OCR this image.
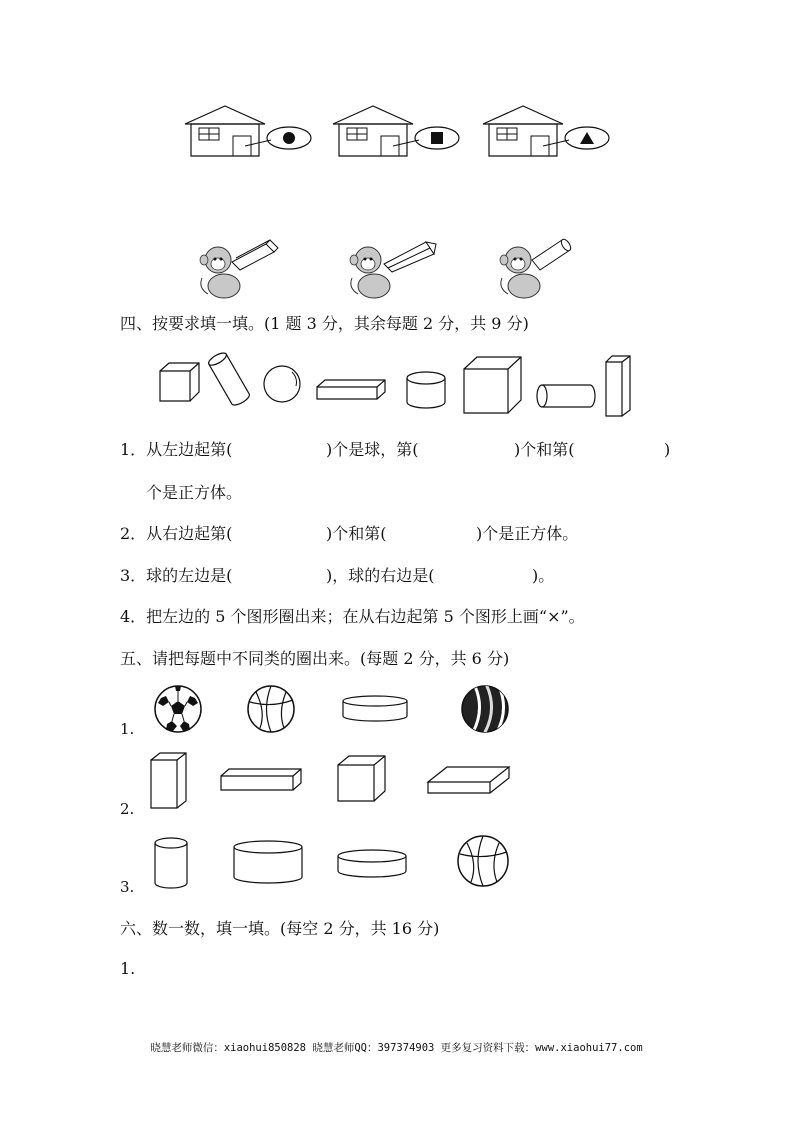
四、按要求填一填。(1 题 3 分，其余每题 2 分，共 9 分)
1．从左边起第(	)个是球，第(	)个和第(	)
个是正方体。
2．从右边起第(	)个和第(	)个是正方体。
3．球的左边是(	)，球的右边是(	)。
4．把左边的 5 个图形圈出来；在从右边起第 5 个图形上画“×”。
五、请把每题中不同类的圈出来。(每题 2 分，共 6 分)
1.
2.
3.
六、数一数，填一填。(每空 2 分，共 16 分)
1.
晓慧老师微信：xiaohui850828 晓慧老师QQ：397374903 更多复习资料下载：www.xiaohui77.com
